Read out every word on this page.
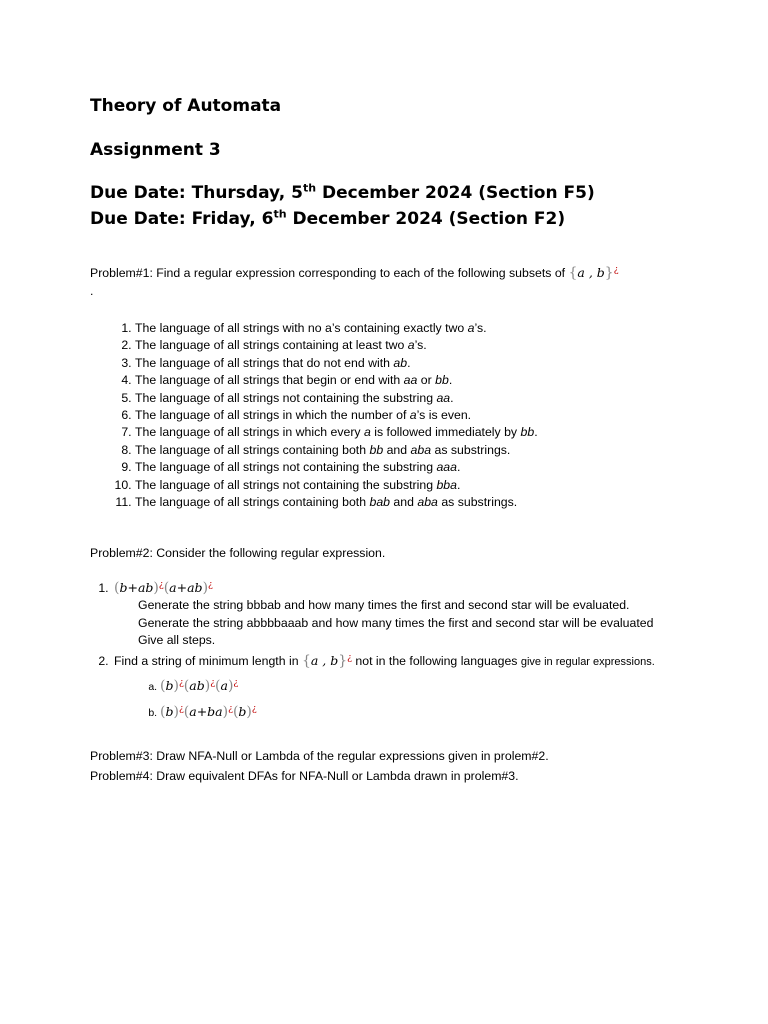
Theory of Automata
Assignment 3
Due Date: Thursday, 5th December 2024 (Section F5)
Due Date: Friday, 6th December 2024 (Section F2)
Problem#1: Find a regular expression corresponding to each of the following subsets of {a , b}¿
.
1. The language of all strings with no a’s containing exactly two a’s.
2. The language of all strings containing at least two a’s.
3. The language of all strings that do not end with ab.
4. The language of all strings that begin or end with aa or bb.
5. The language of all strings not containing the substring aa.
6. The language of all strings in which the number of a’s is even.
7. The language of all strings in which every a is followed immediately by bb.
8. The language of all strings containing both bb and aba as substrings.
9. The language of all strings not containing the substring aaa.
10. The language of all strings not containing the substring bba.
11. The language of all strings containing both bab and aba as substrings.
Problem#2: Consider the following regular expression.
1. (b+ab)¿(a+ab)¿
Generate the string bbbab and how many times the first and second star will be evaluated.
Generate the string abbbbaaab and how many times the first and second star will be evaluated
Give all steps.
2. Find a string of minimum length in {a , b}¿ not in the following languages give in regular expressions.
a. (b)¿(ab)¿(a)¿
b. (b)¿(a+ba)¿(b)¿
Problem#3: Draw NFA-Null or Lambda of the regular expressions given in prolem#2.
Problem#4: Draw equivalent DFAs for NFA-Null or Lambda drawn in prolem#3.
